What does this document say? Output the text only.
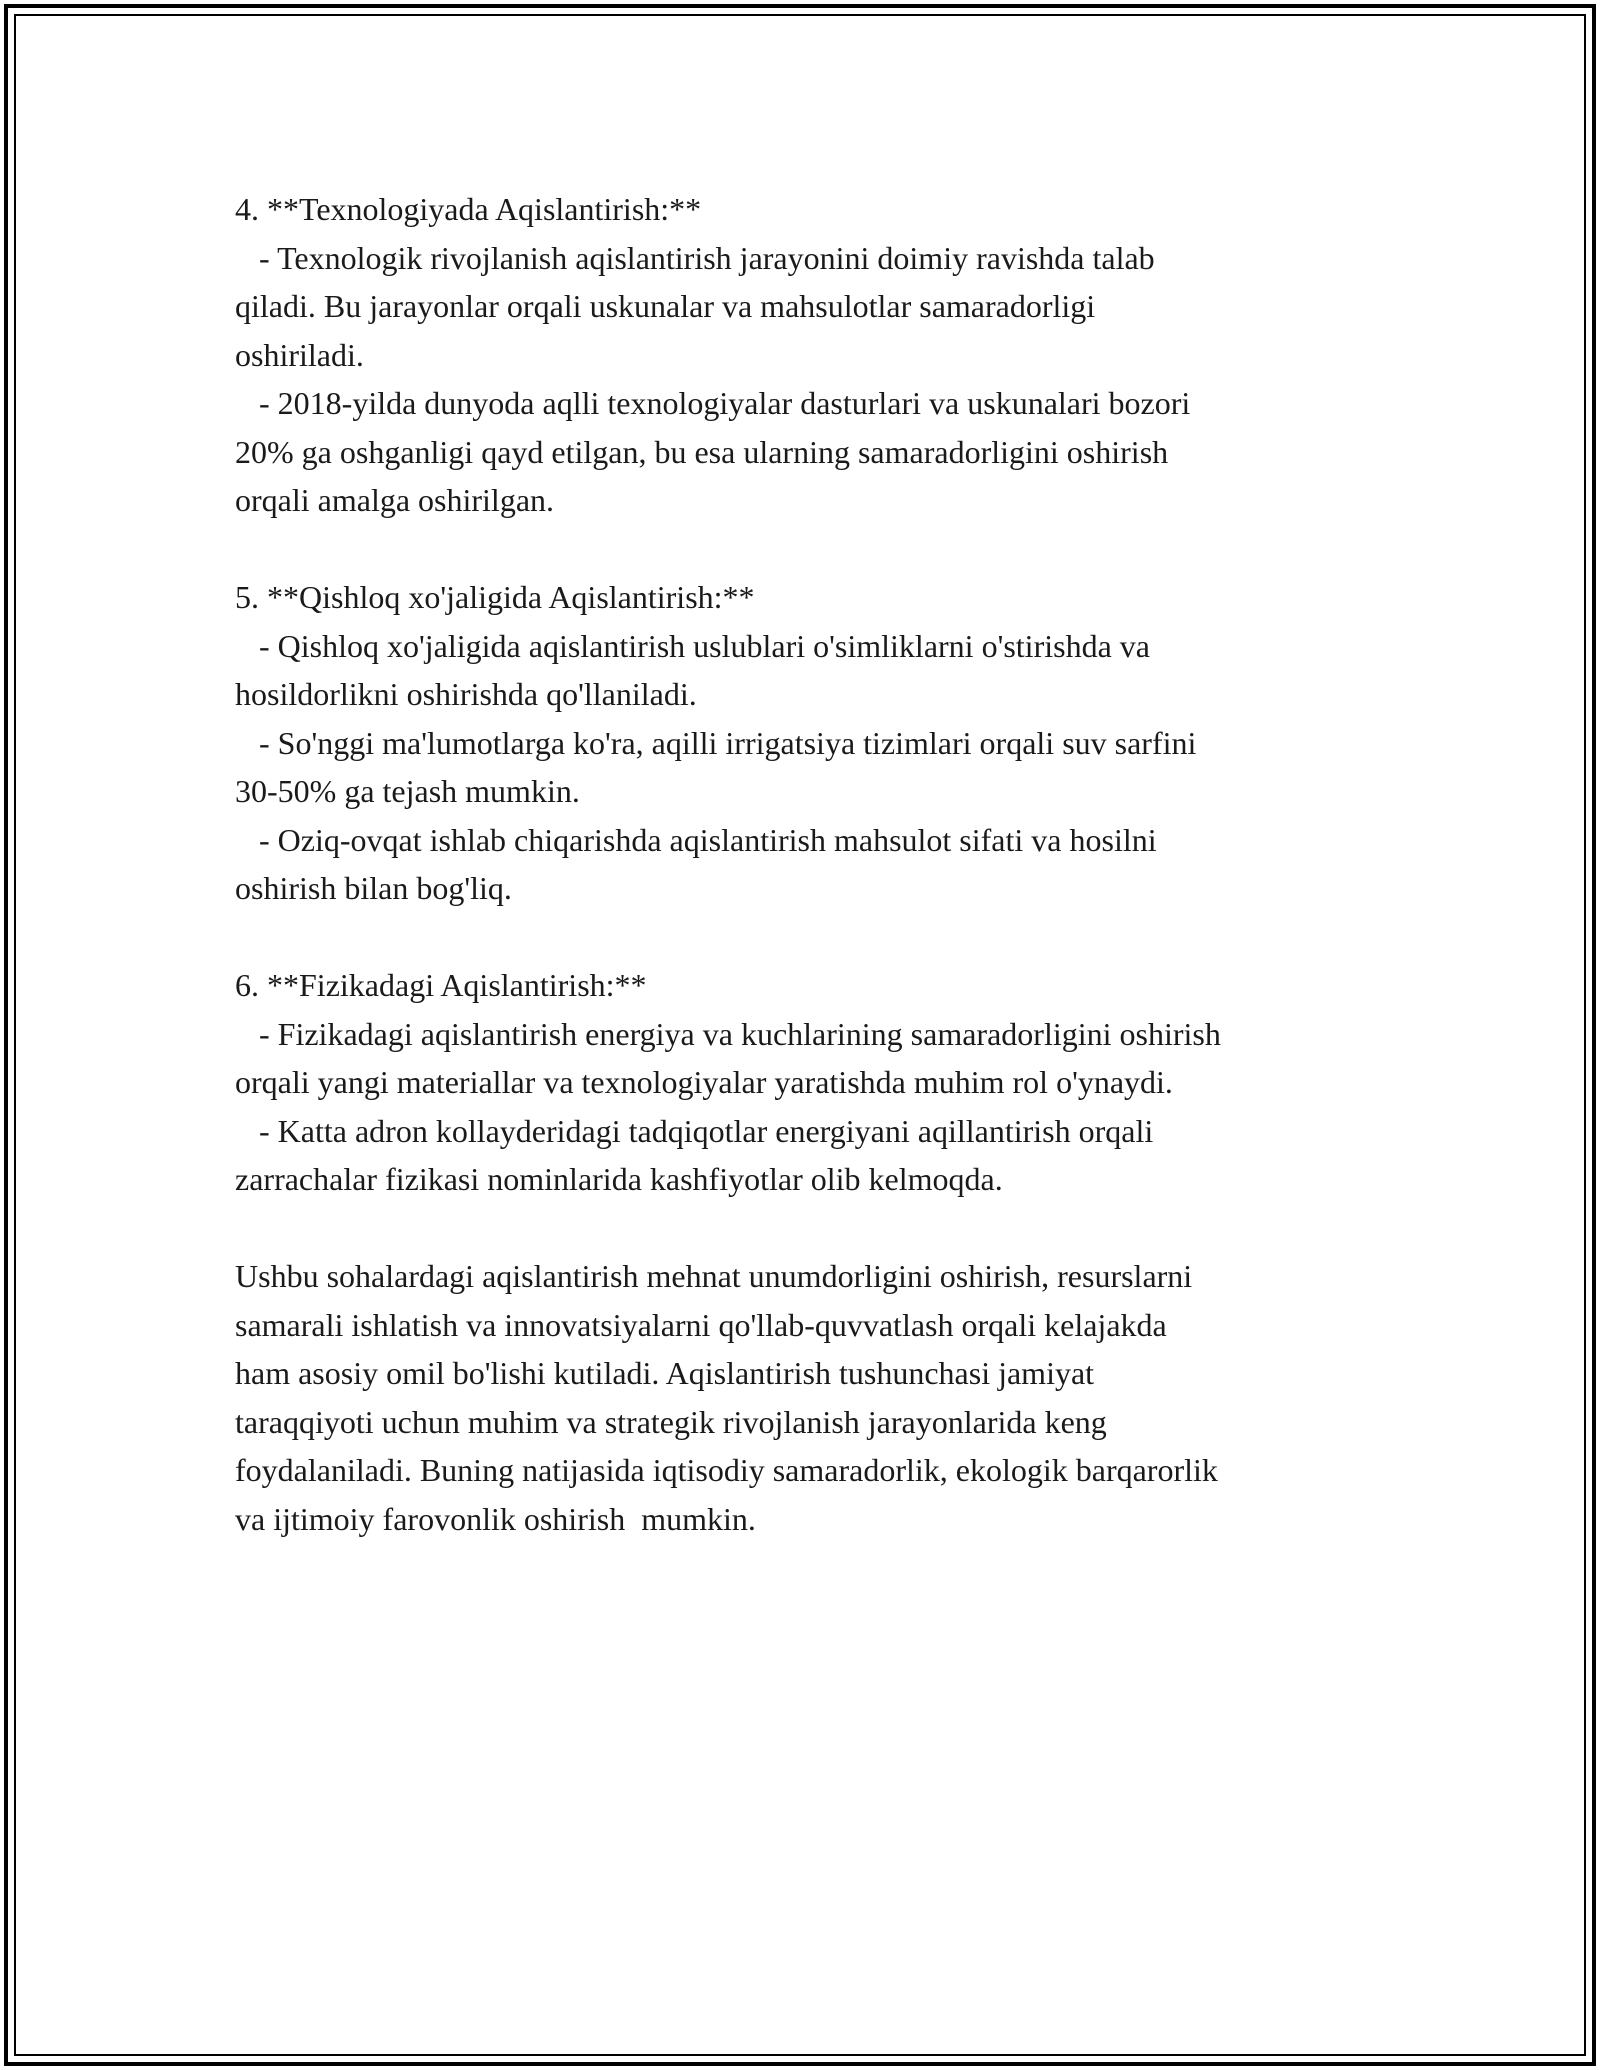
4. **Texnologiyada Aqislantirish:**
- Texnologik rivojlanish aqislantirish jarayonini doimiy ravishda talab
qiladi. Bu jarayonlar orqali uskunalar va mahsulotlar samaradorligi
oshiriladi.
- 2018-yilda dunyoda aqlli texnologiyalar dasturlari va uskunalari bozori
20% ga oshganligi qayd etilgan, bu esa ularning samaradorligini oshirish
orqali amalga oshirilgan.
5. **Qishloq xo'jaligida Aqislantirish:**
- Qishloq xo'jaligida aqislantirish uslublari o'simliklarni o'stirishda va
hosildorlikni oshirishda qo'llaniladi.
- So'nggi ma'lumotlarga ko'ra, aqilli irrigatsiya tizimlari orqali suv sarfini
30-50% ga tejash mumkin.
- Oziq-ovqat ishlab chiqarishda aqislantirish mahsulot sifati va hosilni
oshirish bilan bog'liq.
6. **Fizikadagi Aqislantirish:**
- Fizikadagi aqislantirish energiya va kuchlarining samaradorligini oshirish
orqali yangi materiallar va texnologiyalar yaratishda muhim rol o'ynaydi.
- Katta adron kollayderidagi tadqiqotlar energiyani aqillantirish orqali
zarrachalar fizikasi nominlarida kashfiyotlar olib kelmoqda.
Ushbu sohalardagi aqislantirish mehnat unumdorligini oshirish, resurslarni
samarali ishlatish va innovatsiyalarni qo'llab-quvvatlash orqali kelajakda
ham asosiy omil bo'lishi kutiladi. Aqislantirish tushunchasi jamiyat
taraqqiyoti uchun muhim va strategik rivojlanish jarayonlarida keng
foydalaniladi. Buning natijasida iqtisodiy samaradorlik, ekologik barqarorlik
va ijtimoiy farovonlik oshirish  mumkin.
